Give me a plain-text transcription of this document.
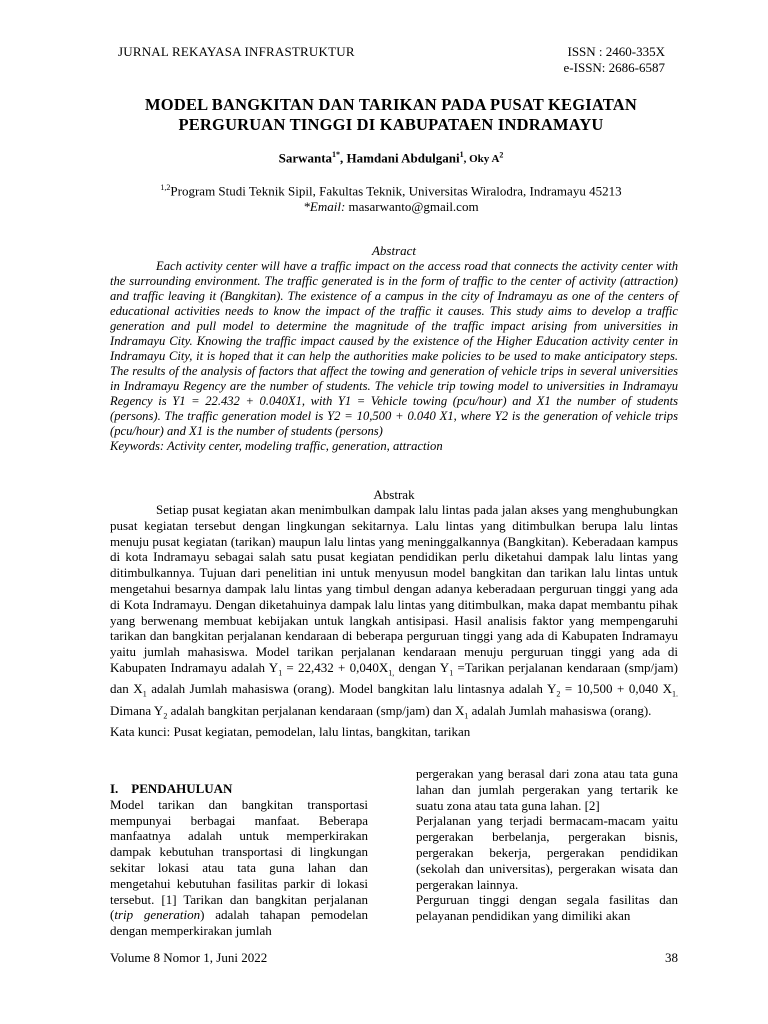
JURNAL REKAYASA INFRASTRUKTUR	ISSN : 2460-335X
e-ISSN: 2686-6587
MODEL BANGKITAN DAN TARIKAN PADA PUSAT KEGIATAN
PERGURUAN TINGGI DI KABUPATAEN INDRAMAYU
Sarwanta$^{1*}$, Hamdani Abdulgani$^1$, Oky $A^2$
$^{1,2}$Program Studi Teknik Sipil, Fakultas Teknik, Universitas Wiralodra, Indramayu 45213
*Email: masarwanto@gmail.com
Abstract

Each activity center will have a traffic impact on the access road that connects the activity center with the surrounding environment. The traffic generated is in the form of traffic to the center of activity (attraction) and traffic leaving it (Bangkitan). The existence of a campus in the city of Indramayu as one of the centers of educational activities needs to know the impact of the traffic it causes. This study aims to develop a traffic generation and pull model to determine the magnitude of the traffic impact arising from universities in Indramayu City. Knowing the traffic impact caused by the existence of the Higher Education activity center in Indramayu City, it is hoped that it can help the authorities make policies to be used to make anticipatory steps. The results of the analysis of factors that affect the towing and generation of vehicle trips in several universities in Indramayu Regency are the number of students. The vehicle trip towing model to universities in Indramayu Regency is Y1 = 22.432 + 0.040X1, with Y1 = Vehicle towing (pcu/hour) and X1 the number of students (persons). The traffic generation model is Y2 = 10,500 + 0.040 X1, where Y2 is the generation of vehicle trips (pcu/hour) and X1 is the number of students (persons)

Keywords: Activity center, modeling traffic, generation, attraction

Abstrak

Setiap pusat kegiatan akan menimbulkan dampak lalu lintas pada jalan akses yang menghubungkan pusat kegiatan tersebut dengan lingkungan sekitarnya. Lalu lintas yang ditimbulkan berupa lalu lintas menuju pusat kegiatan (tarikan) maupun lalu lintas yang meninggalkannya (Bangkitan). Keberadaan kampus di kota Indramayu sebagai salah satu pusat kegiatan pendidikan perlu diketahui dampak lalu lintas yang ditimbulkannya. Tujuan dari penelitian ini untuk menyusun model bangkitan dan tarikan lalu lintas untuk mengetahui besarnya dampak lalu lintas yang timbul dengan adanya keberadaan perguruan tinggi yang ada di Kota Indramayu. Dengan diketahuinya dampak lalu lintas yang ditimbulkan, maka dapat membantu pihak yang berwenang membuat kebijakan untuk langkah antisipasi. Hasil analisis faktor yang mempengaruhi tarikan dan bangkitan perjalanan kendaraan di beberapa perguruan tinggi yang ada di Kabupaten Indramayu yaitu jumlah mahasiswa. Model tarikan perjalanan kendaraan menuju perguruan tinggi yang ada di Kabupaten Indramayu adalah $Y_1 = 22,432 + 0,040X_{1,}$ dengan $Y_1$ =Tarikan perjalanan kendaraan (smp/jam) dan $X_1$ adalah Jumlah mahasiswa (orang). Model bangkitan lalu lintasnya adalah $Y_2 = 10,500 + 0,040$ $X_{1.}$ Dimana $Y_2$ adalah bangkitan perjalanan kendaraan (smp/jam) dan $X_1$ adalah Jumlah mahasiswa (orang).

Kata kunci: Pusat kegiatan, pemodelan, lalu lintas, bangkitan, tarikan

I.    PENDAHULUAN

Model tarikan dan bangkitan transportasi mempunyai berbagai manfaat. Beberapa manfaatnya adalah untuk memperkirakan dampak kebutuhan transportasi di lingkungan sekitar lokasi atau tata guna lahan dan mengetahui kebutuhan fasilitas parkir di lokasi tersebut. [1] Tarikan dan bangkitan perjalanan (trip generation) adalah tahapan pemodelan dengan memperkirakan jumlah

pergerakan yang berasal dari zona atau tata guna lahan dan jumlah pergerakan yang tertarik ke suatu zona atau tata guna lahan. [2]

Perjalanan yang terjadi bermacam-macam yaitu pergerakan berbelanja, pergerakan bisnis, pergerakan bekerja, pergerakan pendidikan (sekolah dan universitas), pergerakan wisata dan pergerakan lainnya.

Perguruan tinggi dengan segala fasilitas dan pelayanan pendidikan yang dimiliki akan

Volume 8 Nomor 1, Juni 2022	38
